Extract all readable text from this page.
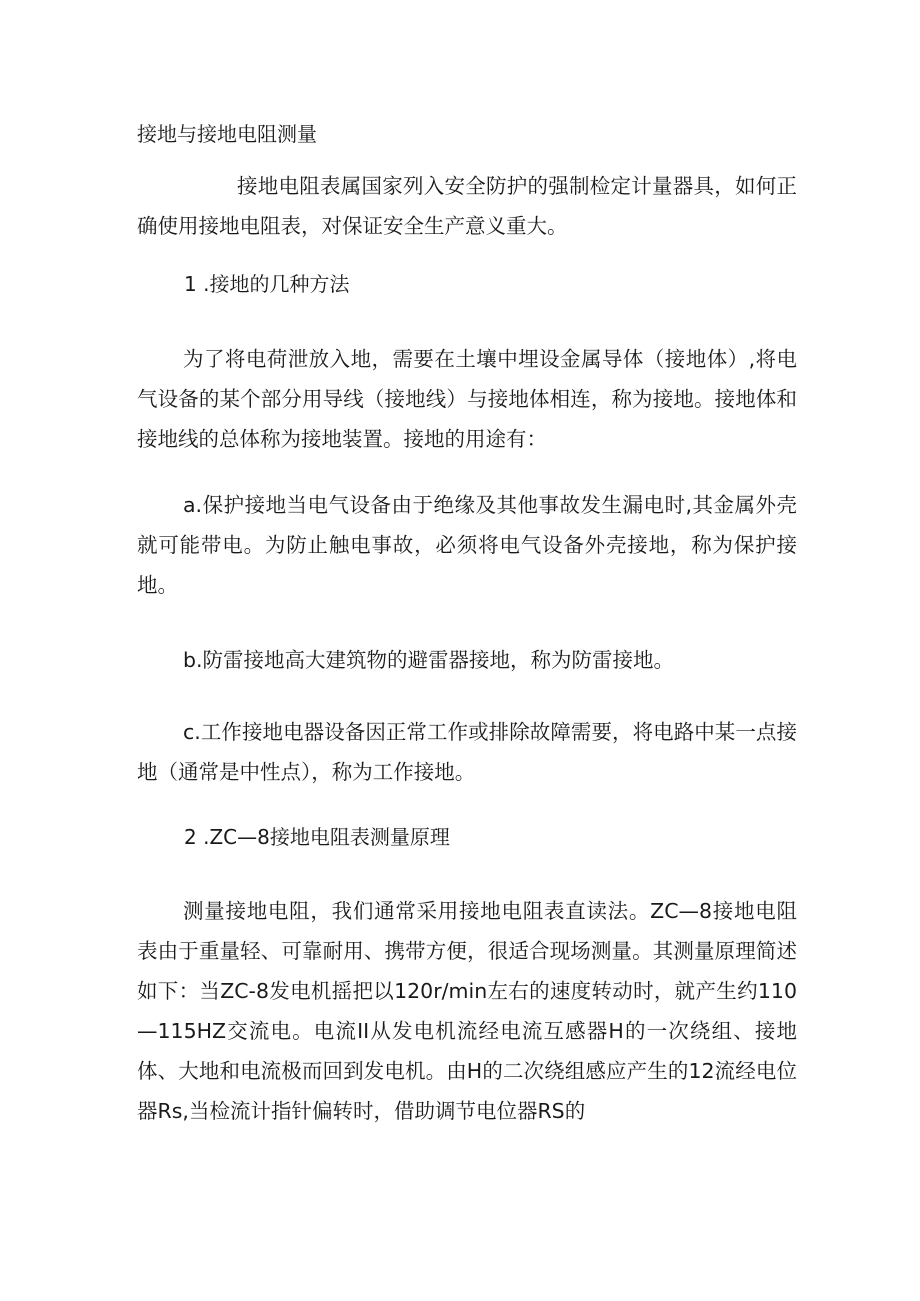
接地与接地电阻测量

接地电阻表属国家列入安全防护的强制检定计量器具，如何正确使用接地电阻表，对保证安全生产意义重大。

1 .接地的几种方法

为了将电荷泄放入地，需要在土壤中埋设金属导体（接地体）,将电气设备的某个部分用导线（接地线）与接地体相连，称为接地。接地体和接地线的总体称为接地装置。接地的用途有：

a.保护接地当电气设备由于绝缘及其他事故发生漏电时,其金属外壳就可能带电。为防止触电事故，必须将电气设备外壳接地，称为保护接地。

b.防雷接地高大建筑物的避雷器接地，称为防雷接地。

c.工作接地电器设备因正常工作或排除故障需要，将电路中某一点接地（通常是中性点），称为工作接地。

2 .ZC—8接地电阻表测量原理

测量接地电阻，我们通常采用接地电阻表直读法。ZC—8接地电阻表由于重量轻、可靠耐用、携带方便，很适合现场测量。其测量原理简述如下：当ZC-8发电机摇把以120r/min左右的速度转动时，就产生约110—115HZ交流电。电流II从发电机流经电流互感器H的一次绕组、接地体、大地和电流极而回到发电机。由H的二次绕组感应产生的12流经电位器Rs,当检流计指针偏转时，借助调节电位器RS的
